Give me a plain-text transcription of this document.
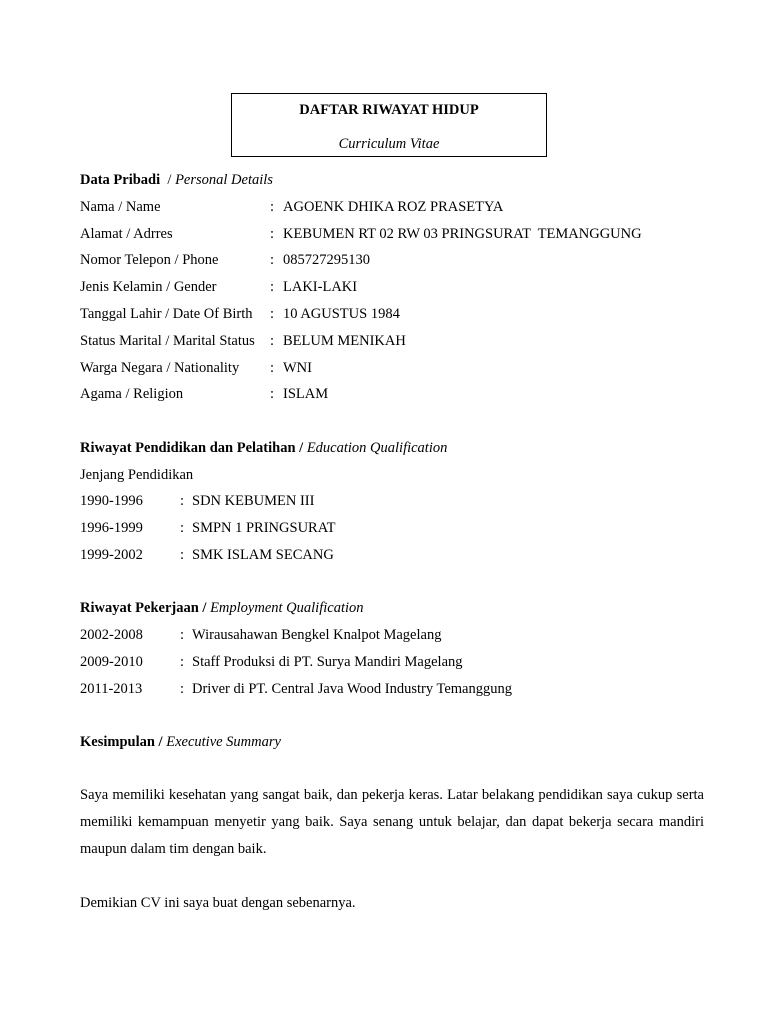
DAFTAR RIWAYAT HIDUP
Curriculum Vitae
Data Pribadi  / Personal Details
Nama / Name	: AGOENK DHIKA ROZ PRASETYA
Alamat / Adrres	: KEBUMEN RT 02 RW 03 PRINGSURAT  TEMANGGUNG
Nomor Telepon / Phone	: 085727295130
Jenis Kelamin / Gender	: LAKI-LAKI
Tanggal Lahir / Date Of Birth : 10 AGUSTUS 1984
Status Marital / Marital Status : BELUM MENIKAH
Warga Negara / Nationality : WNI
Agama / Religion	: ISLAM
Riwayat Pendidikan dan Pelatihan / Education Qualification
Jenjang Pendidikan
1990-1996	: SDN KEBUMEN III
1996-1999	: SMPN 1 PRINGSURAT
1999-2002	: SMK ISLAM SECANG
Riwayat Pekerjaan / Employment Qualification
2002-2008	: Wirausahawan Bengkel Knalpot Magelang
2009-2010	: Staff Produksi di PT. Surya Mandiri Magelang
2011-2013	: Driver di PT. Central Java Wood Industry Temanggung
Kesimpulan / Executive Summary

Saya memiliki kesehatan yang sangat baik, dan pekerja keras. Latar belakang pendidikan saya cukup serta memiliki kemampuan menyetir yang baik. Saya senang untuk belajar, dan dapat bekerja secara mandiri maupun dalam tim dengan baik.

Demikian CV ini saya buat dengan sebenarnya.
